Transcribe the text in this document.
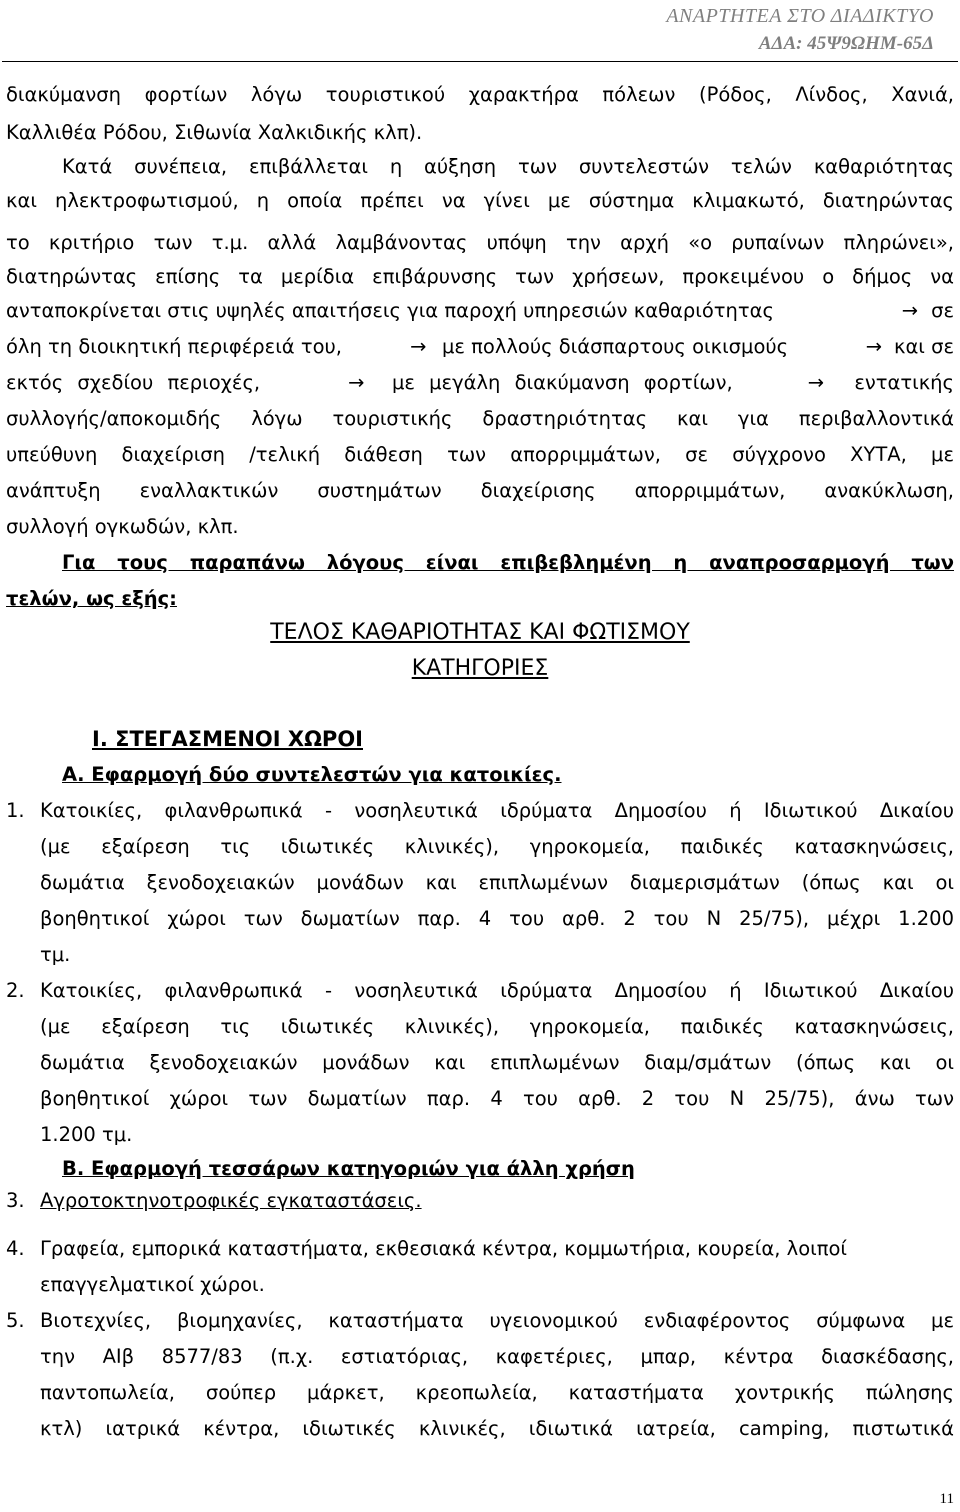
ΑΝΑΡΤΗΤΕΑ ΣΤΟ ΔΙΑΔΙΚΤΥΟ
ΑΔΑ: 45Ψ9ΩΗΜ-65Δ
διακύμανση φορτίων λόγω τουριστικού χαρακτήρα πόλεων (Ρόδος, Λίνδος, Χανιά,
Καλλιθέα Ρόδου, Σιθωνία Χαλκιδικής κλπ).
Κατά συνέπεια, επιβάλλεται η αύξηση των συντελεστών τελών καθαριότητας
και ηλεκτροφωτισμού, η οποία πρέπει να γίνει με σύστημα κλιμακωτό, διατηρώντας
το κριτήριο των τ.μ. αλλά λαμβάνοντας υπόψη την αρχή «ο ρυπαίνων πληρώνει»,
διατηρώντας επίσης τα μερίδια επιβάρυνσης των χρήσεων, προκειμένου ο δήμος να
ανταποκρίνεται στις υψηλές απαιτήσεις για παροχή υπηρεσιών καθαριότητας	→ σε
όλη τη διοικητική περιφέρειά του,	→ με πολλούς διάσπαρτους οικισμούς	→ και σε
εκτός σχεδίου περιοχές,	→ με μεγάλη διακύμανση φορτίων,	→ εντατικής
συλλογής/αποκομιδής λόγω τουριστικής δραστηριότητας και για περιβαλλοντικά
υπεύθυνη διαχείριση /τελική διάθεση των απορριμμάτων, σε σύγχρονο ΧΥΤΑ, με
ανάπτυξη εναλλακτικών συστημάτων διαχείρισης απορριμμάτων, ανακύκλωση,
συλλογή ογκωδών, κλπ.
Για τους παραπάνω λόγους είναι επιβεβλημένη η αναπροσαρμογή των
τελών, ως εξής:
ΤΕΛΟΣ ΚΑΘΑΡΙΟΤΗΤΑΣ ΚΑΙ ΦΩΤΙΣΜΟΥ
ΚΑΤΗΓΟΡΙΕΣ
Ι. ΣΤΕΓΑΣΜΕΝΟΙ ΧΩΡΟΙ
Α. Εφαρμογή δύο συντελεστών για κατοικίες.
1. Κατοικίες, φιλανθρωπικά - νοσηλευτικά ιδρύματα Δημοσίου ή Ιδιωτικού Δικαίου
(με εξαίρεση τις ιδιωτικές κλινικές), γηροκομεία, παιδικές κατασκηνώσεις,
δωμάτια ξενοδοχειακών μονάδων και επιπλωμένων διαμερισμάτων (όπως και οι
βοηθητικοί χώροι των δωματίων παρ. 4 του αρθ. 2 του Ν 25/75), μέχρι 1.200
τμ.
2. Κατοικίες, φιλανθρωπικά - νοσηλευτικά ιδρύματα Δημοσίου ή Ιδιωτικού Δικαίου
(με εξαίρεση τις ιδιωτικές κλινικές), γηροκομεία, παιδικές κατασκηνώσεις,
δωμάτια ξενοδοχειακών μονάδων και επιπλωμένων διαμ/σμάτων (όπως και οι
βοηθητικοί χώροι των δωματίων παρ. 4 του αρθ. 2 του Ν 25/75), άνω των
1.200 τμ.
Β. Εφαρμογή τεσσάρων κατηγοριών για άλλη χρήση
3. Αγροτοκτηνοτροφικές εγκαταστάσεις.
4. Γραφεία, εμπορικά καταστήματα, εκθεσιακά κέντρα, κομμωτήρια, κουρεία, λοιποί
επαγγελματικοί χώροι.
5. Βιοτεχνίες, βιομηχανίες, καταστήματα υγειονομικού ενδιαφέροντος σύμφωνα με
την ΑΙβ 8577/83 (π.χ. εστιατόριας, καφετέριες, μπαρ, κέντρα διασκέδασης,
παντοπωλεία, σούπερ μάρκετ, κρεοπωλεία, καταστήματα χοντρικής πώλησης
κτλ) ιατρικά κέντρα, ιδιωτικές κλινικές, ιδιωτικά ιατρεία, camping, πιστωτικά
11
